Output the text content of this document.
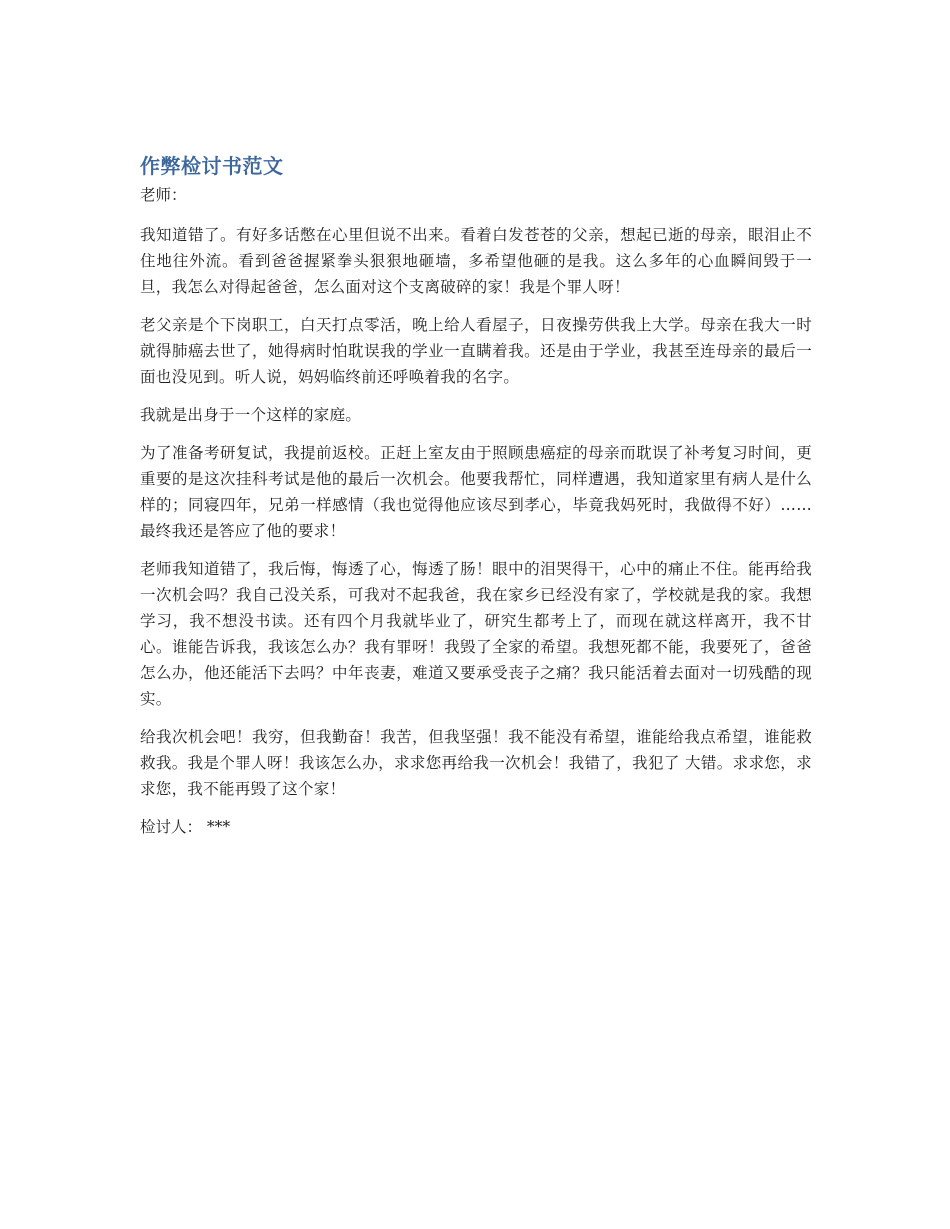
作弊检讨书范文

老师：

我知道错了。有好多话憋在心里但说不出来。看着白发苍苍的父亲，想起已逝的母亲，眼泪止不住地往外流。看到爸爸握紧拳头狠狠地砸墙，多希望他砸的是我。这么多年的心血瞬间毁于一旦，我怎么对得起爸爸，怎么面对这个支离破碎的家！我是个罪人呀！

老父亲是个下岗职工，白天打点零活，晚上给人看屋子，日夜操劳供我上大学。母亲在我大一时就得肺癌去世了，她得病时怕耽误我的学业一直瞒着我。还是由于学业，我甚至连母亲的最后一面也没见到。听人说，妈妈临终前还呼唤着我的名字。

我就是出身于一个这样的家庭。

为了准备考研复试，我提前返校。正赶上室友由于照顾患癌症的母亲而耽误了补考复习时间，更重要的是这次挂科考试是他的最后一次机会。他要我帮忙，同样遭遇，我知道家里有病人是什么样的；同寝四年，兄弟一样感情（我也觉得他应该尽到孝心，毕竟我妈死时，我做得不好）……最终我还是答应了他的要求！

老师我知道错了，我后悔，悔透了心，悔透了肠！眼中的泪哭得干，心中的痛止不住。能再给我一次机会吗？我自己没关系，可我对不起我爸，我在家乡已经没有家了，学校就是我的家。我想学习，我不想没书读。还有四个月我就毕业了，研究生都考上了，而现在就这样离开，我不甘心。谁能告诉我，我该怎么办？我有罪呀！我毁了全家的希望。我想死都不能，我要死了，爸爸怎么办，他还能活下去吗？中年丧妻，难道又要承受丧子之痛？我只能活着去面对一切残酷的现实。

给我次机会吧！我穷，但我勤奋！我苦，但我坚强！我不能没有希望，谁能给我点希望，谁能救救我。我是个罪人呀！我该怎么办，求求您再给我一次机会！我错了，我犯了 大错。求求您，求求您，我不能再毁了这个家！

检讨人： ***
